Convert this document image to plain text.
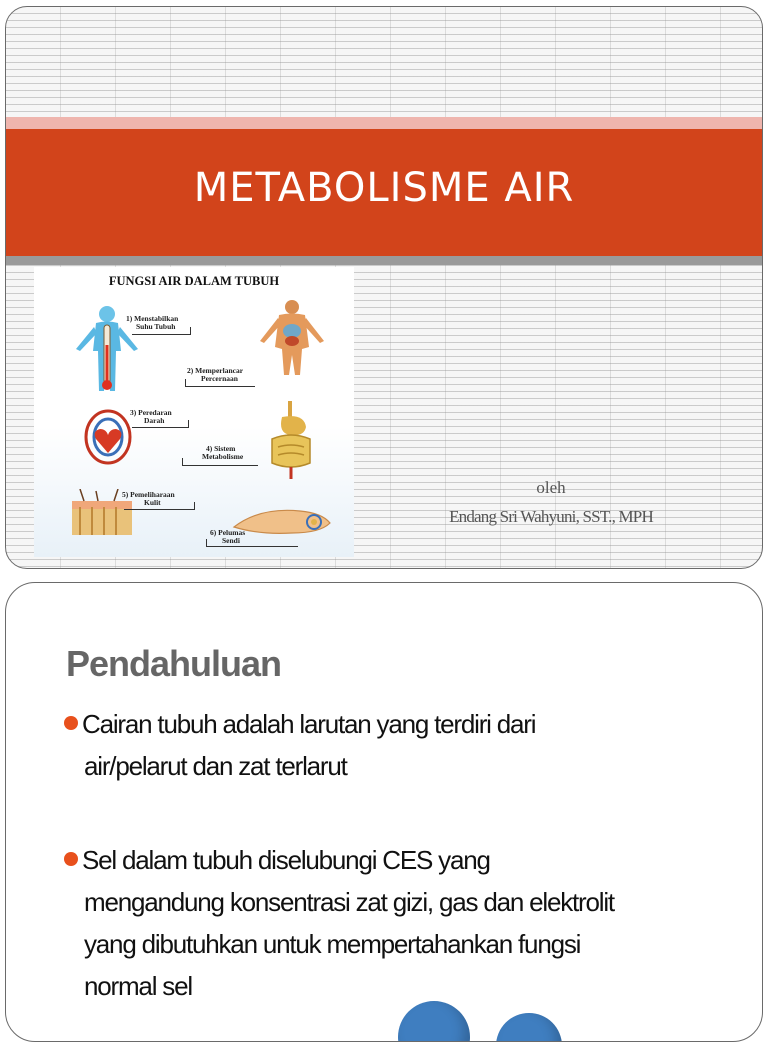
METABOLISME AIR
FUNGSI AIR DALAM TUBUH
1) Menstabilkan
Suhu Tubuh
2) Memperlancar
Percernaan
3) Peredaran
Darah
4) Sistem
Metabolisme
5) Pemeliharaan
Kulit
6) Pelumas
Sendi
oleh
Endang Sri Wahyuni, SST., MPH
Pendahuluan
Cairan tubuh adalah larutan yang terdiri dari
air/pelarut dan zat terlarut
Sel dalam tubuh diselubungi CES yang
mengandung konsentrasi zat gizi, gas dan elektrolit
yang dibutuhkan untuk mempertahankan fungsi
normal sel
